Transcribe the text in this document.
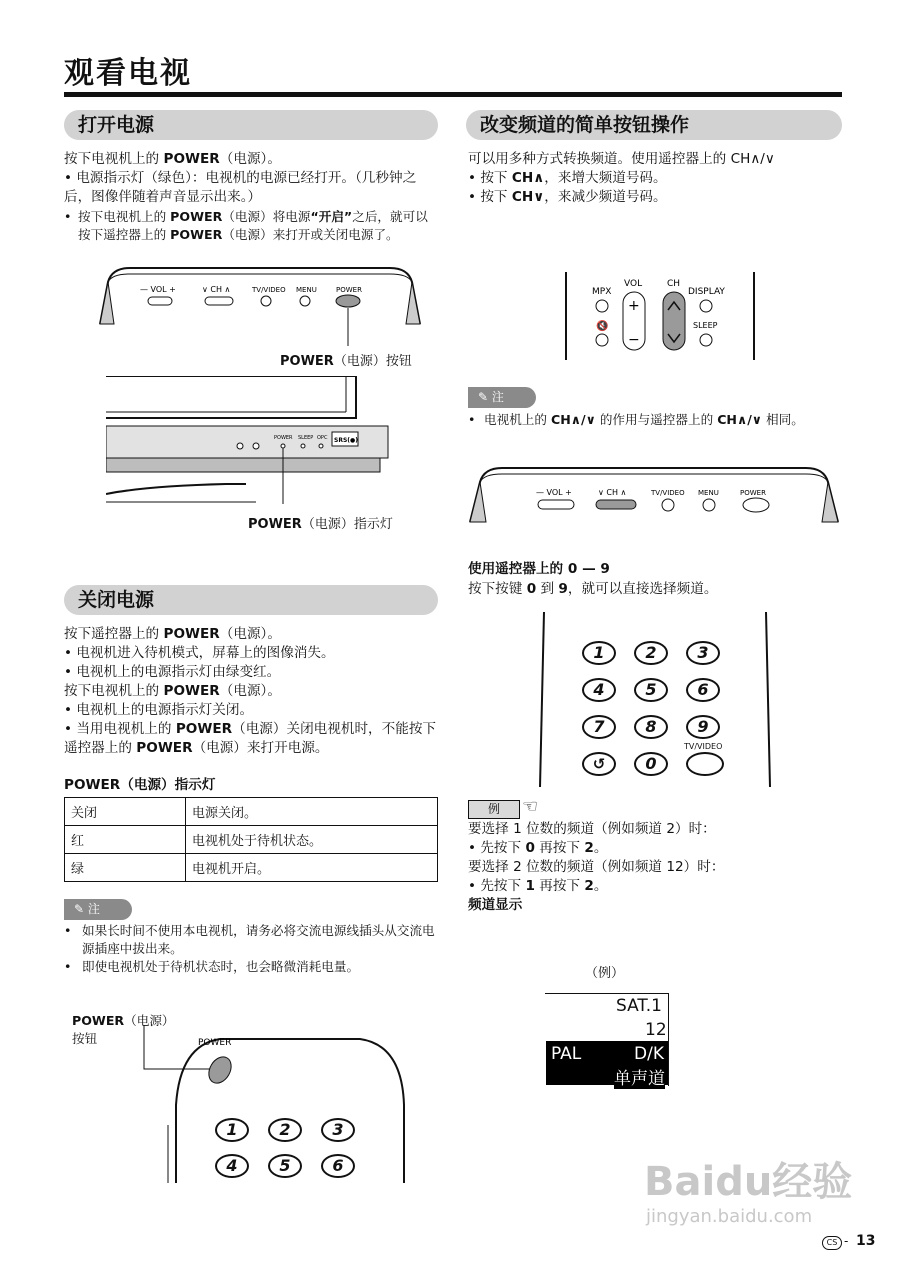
观看电视
打开电源
按下电视机上的 POWER（电源）。
• 电源指示灯（绿色）：电视机的电源已经打开。（几秒钟之后，图像伴随着声音显示出来。）
• 按下电视机上的 POWER（电源）将电源“开启”之后，就可以按下遥控器上的 POWER（电源）来打开或关闭电源了。
— VOL +	∨ CH ∧	TV/VIDEO MENU	POWER
POWER（电源）按钮
POWER SLEEP OPC SRS(●)
POWER（电源）指示灯
关闭电源
按下遥控器上的 POWER（电源）。
• 电视机进入待机模式，屏幕上的图像消失。
• 电视机上的电源指示灯由绿变红。
按下电视机上的 POWER（电源）。
• 电视机上的电源指示灯关闭。
• 当用电视机上的 POWER（电源）关闭电视机时，不能按下遥控器上的 POWER（电源）来打开电源。
POWER（电源）指示灯
关闭	电源关闭。
红	电视机处于待机状态。
绿	电视机开启。
✎ 注
• 如果长时间不使用本电视机，请务必将交流电源线插头从交流电源插座中拔出来。
• 即使电视机处于待机状态时，也会略微消耗电量。
POWER（电源）
按钮	POWER
1	2	3
4	5	6
改变频道的简单按钮操作
可以用多种方式转换频道。使用遥控器上的 CH∧/∨
• 按下 CH∧，来增大频道号码。
• 按下 CH∨，来减少频道号码。
MPX
🔇
VOL
+
−
CH
DISPLAY
SLEEP
✎ 注
• 电视机上的 CH∧/∨ 的作用与遥控器上的 CH∧/∨ 相同。
— VOL +	∨ CH ∧	TV/VIDEO MENU	POWER
使用遥控器上的 0 — 9
按下按键 0 到 9，就可以直接选择频道。
1	2	3
4	5	6
7	8	9
↺	0
TV/VIDEO
例	☜
要选择 1 位数的频道（例如频道 2）时：
• 先按下 0 再按下 2。
要选择 2 位数的频道（例如频道 12）时：
• 先按下 1 再按下 2。
频道显示
（例）
SAT.1
12
PAL	D/K
单声道
Baidu经验
jingyan.baidu.com
CS - 13
